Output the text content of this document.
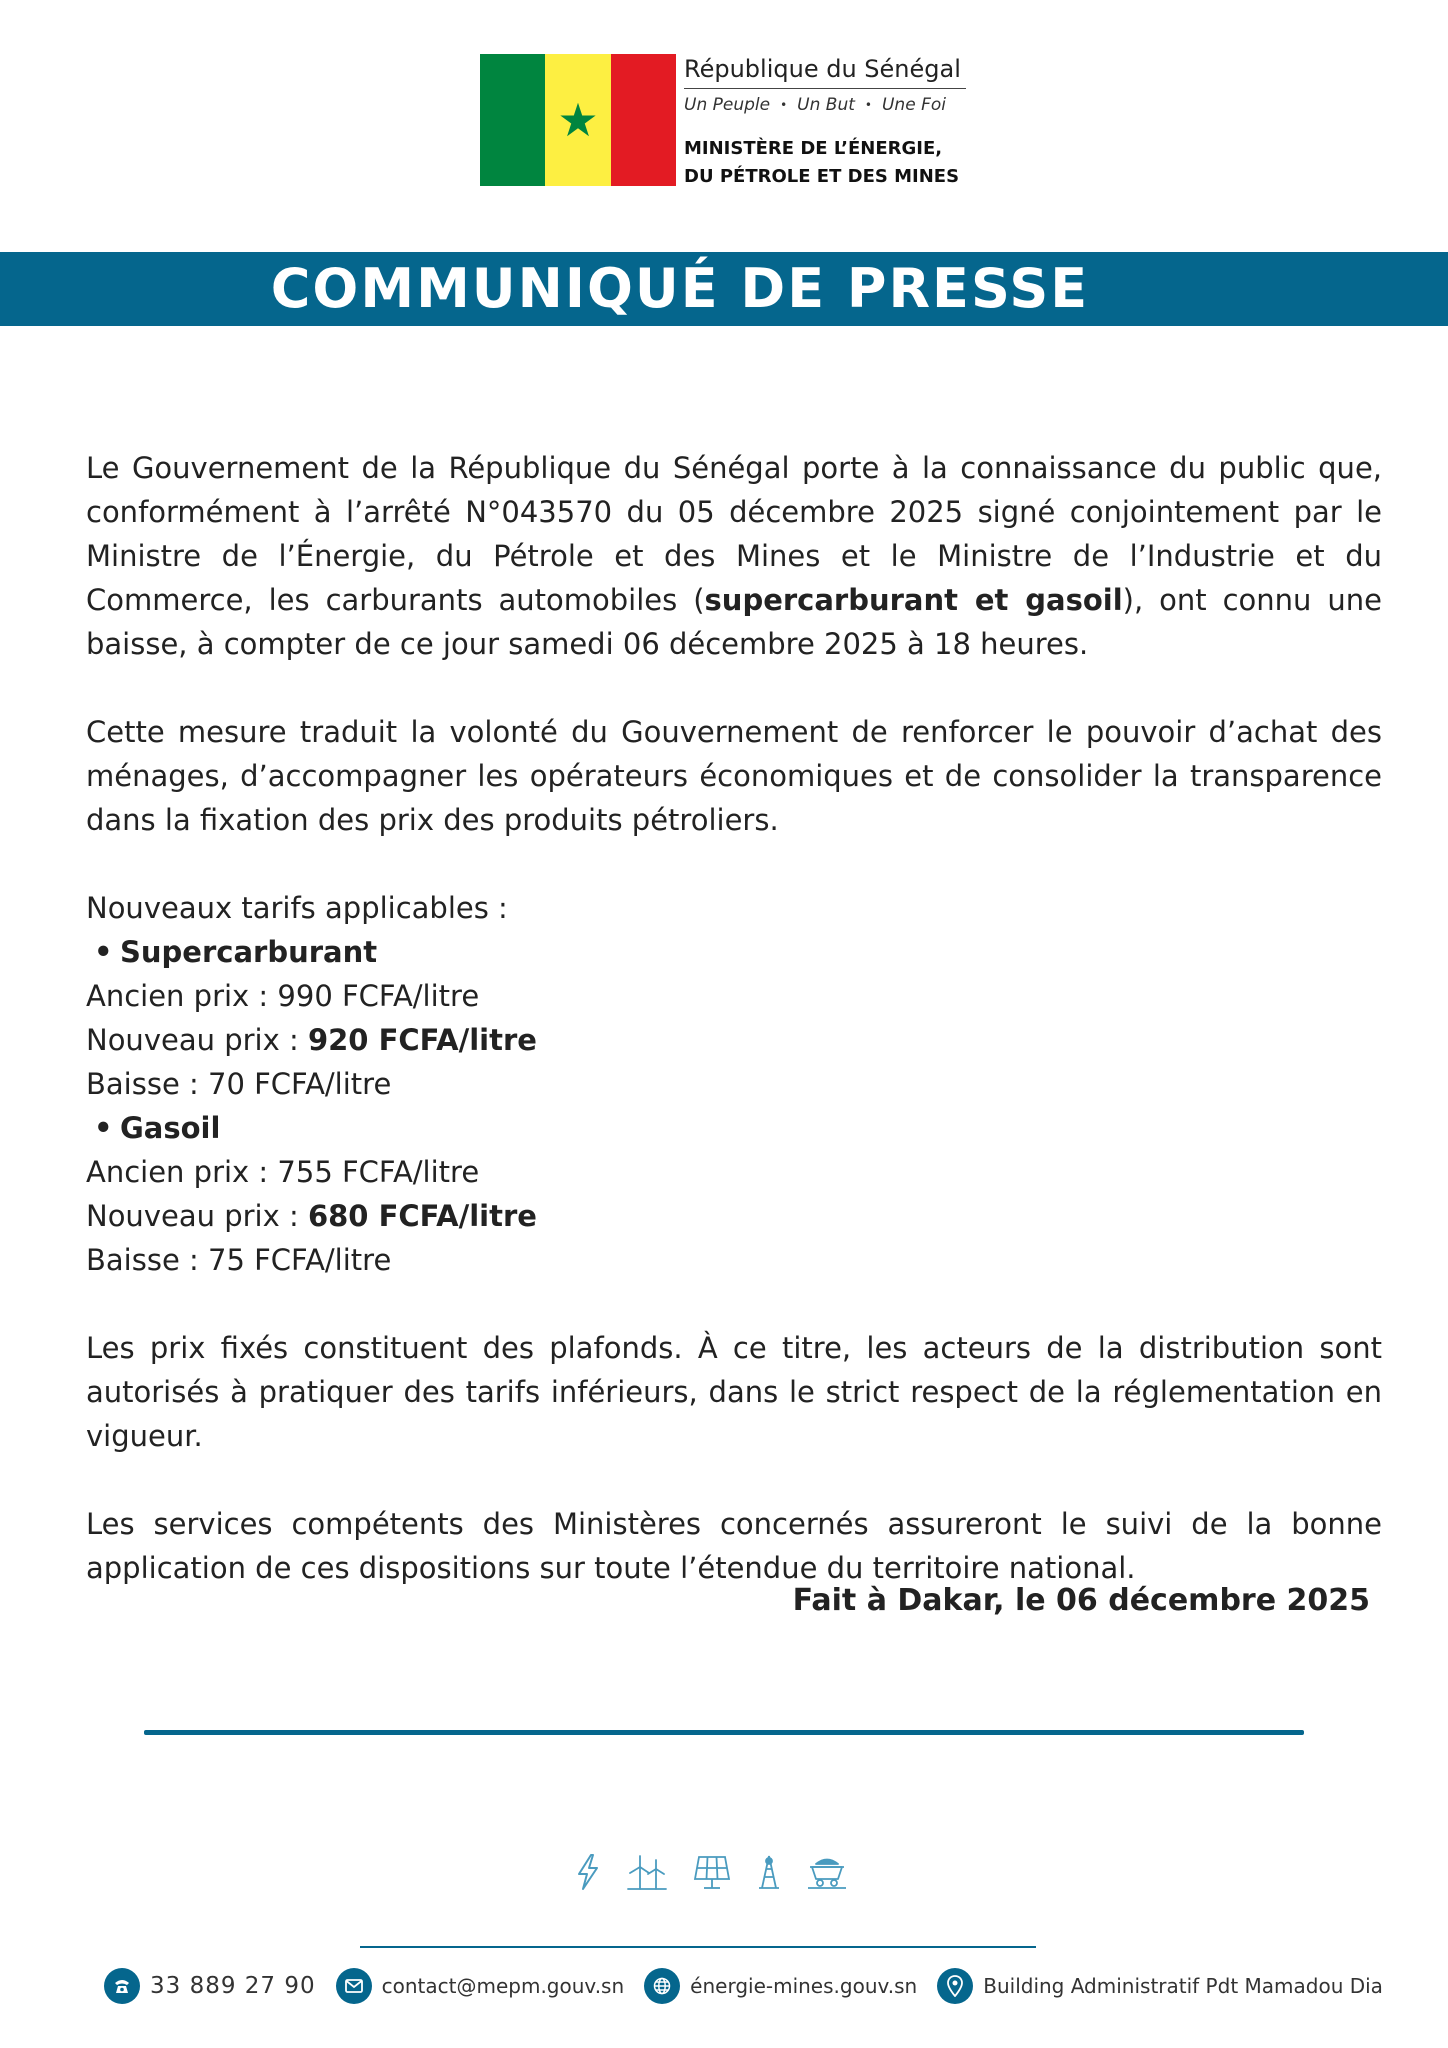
★
République du Sénégal
Un Peuple • Un But • Une Foi
MINISTÈRE DE L’ÉNERGIE,
DU PÉTROLE ET DES MINES
COMMUNIQUÉ DE PRESSE

Le Gouvernement de la République du Sénégal porte à la connaissance du public que, conformément à l’arrêté N°043570 du 05 décembre 2025 signé conjointement par le Ministre de l’Énergie, du Pétrole et des Mines et le Ministre de l’Industrie et du Commerce, les carburants automobiles (supercarburant et gasoil), ont connu une baisse, à compter de ce jour samedi 06 décembre 2025 à 18 heures.

Cette mesure traduit la volonté du Gouvernement de renforcer le pouvoir d’achat des ménages, d’accompagner les opérateurs économiques et de consolider la transparence dans la fixation des prix des produits pétroliers.

Nouveaux tarifs applicables :
• Supercarburant
Ancien prix : 990 FCFA/litre
Nouveau prix : 920 FCFA/litre
Baisse : 70 FCFA/litre
• Gasoil
Ancien prix : 755 FCFA/litre
Nouveau prix : 680 FCFA/litre
Baisse : 75 FCFA/litre

Les prix fixés constituent des plafonds. À ce titre, les acteurs de la distribution sont autorisés à pratiquer des tarifs inférieurs, dans le strict respect de la réglementation en vigueur.

Les services compétents des Ministères concernés assureront le suivi de la bonne application de ces dispositions sur toute l’étendue du territoire national.

Fait à Dakar, le 06 décembre 2025
33 889 27 90	contact@mepm.gouv.sn	énergie-mines.gouv.sn	Building Administratif Pdt Mamadou Dia
